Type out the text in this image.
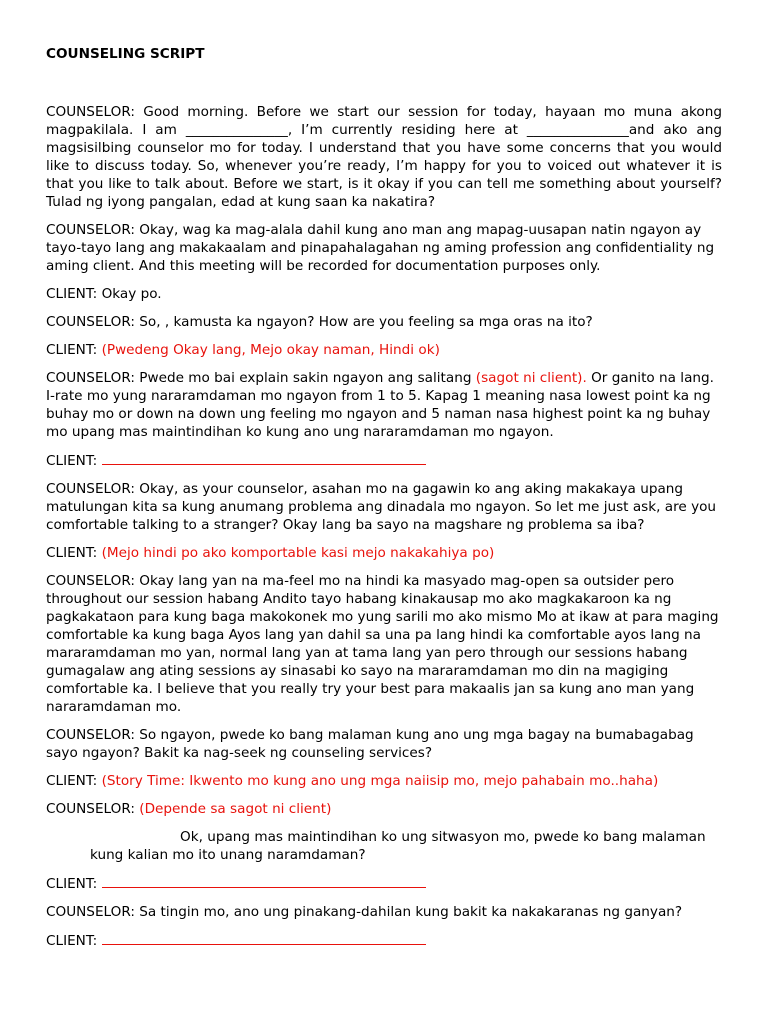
COUNSELING SCRIPT

COUNSELOR: Good morning. Before we start our session for today, hayaan mo muna akong magpakilala. I am _______________, I’m currently residing here at _______________and ako ang magsisilbing counselor mo for today. I understand that you have some concerns that you would like to discuss today. So, whenever you’re ready, I’m happy for you to voiced out whatever it is that you like to talk about. Before we start, is it okay if you can tell me something about yourself? Tulad ng iyong pangalan, edad at kung saan ka nakatira?

COUNSELOR: Okay, wag ka mag-alala dahil kung ano man ang mapag-uusapan natin ngayon ay tayo-tayo lang ang makakaalam and pinapahalagahan ng aming profession ang confidentiality ng aming client. And this meeting will be recorded for documentation purposes only.

CLIENT: Okay po.

COUNSELOR: So, , kamusta ka ngayon? How are you feeling sa mga oras na ito?

CLIENT: (Pwedeng Okay lang, Mejo okay naman, Hindi ok)

COUNSELOR: Pwede mo bai explain sakin ngayon ang salitang (sagot ni client). Or ganito na lang. I-rate mo yung nararamdaman mo ngayon from 1 to 5. Kapag 1 meaning nasa lowest point ka ng buhay mo or down na down ung feeling mo ngayon and 5 naman nasa highest point ka ng buhay mo upang mas maintindihan ko kung ano ung nararamdaman mo ngayon.

CLIENT:

COUNSELOR: Okay, as your counselor, asahan mo na gagawin ko ang aking makakaya upang matulungan kita sa kung anumang problema ang dinadala mo ngayon. So let me just ask, are you comfortable talking to a stranger? Okay lang ba sayo na magshare ng problema sa iba?

CLIENT: (Mejo hindi po ako komportable kasi mejo nakakahiya po)

COUNSELOR: Okay lang yan na ma-feel mo na hindi ka masyado mag-open sa outsider pero throughout our session habang Andito tayo habang kinakausap mo ako magkakaroon ka ng pagkakataon para kung baga makokonek mo yung sarili mo ako mismo Mo at ikaw at para maging comfortable ka kung baga Ayos lang yan dahil sa una pa lang hindi ka comfortable ayos lang na mararamdaman mo yan, normal lang yan at tama lang yan pero through our sessions habang gumagalaw ang ating sessions ay sinasabi ko sayo na mararamdaman mo din na magiging comfortable ka. I believe that you really try your best para makaalis jan sa kung ano man yang nararamdaman mo.

COUNSELOR: So ngayon, pwede ko bang malaman kung ano ung mga bagay na bumabagabag sayo ngayon? Bakit ka nag-seek ng counseling services?

CLIENT: (Story Time: Ikwento mo kung ano ung mga naiisip mo, mejo pahabain mo..haha)

COUNSELOR: (Depende sa sagot ni client)

Ok, upang mas maintindihan ko ung sitwasyon mo, pwede ko bang malaman kung kalian mo ito unang naramdaman?

CLIENT:

COUNSELOR: Sa tingin mo, ano ung pinakang-dahilan kung bakit ka nakakaranas ng ganyan?

CLIENT:
